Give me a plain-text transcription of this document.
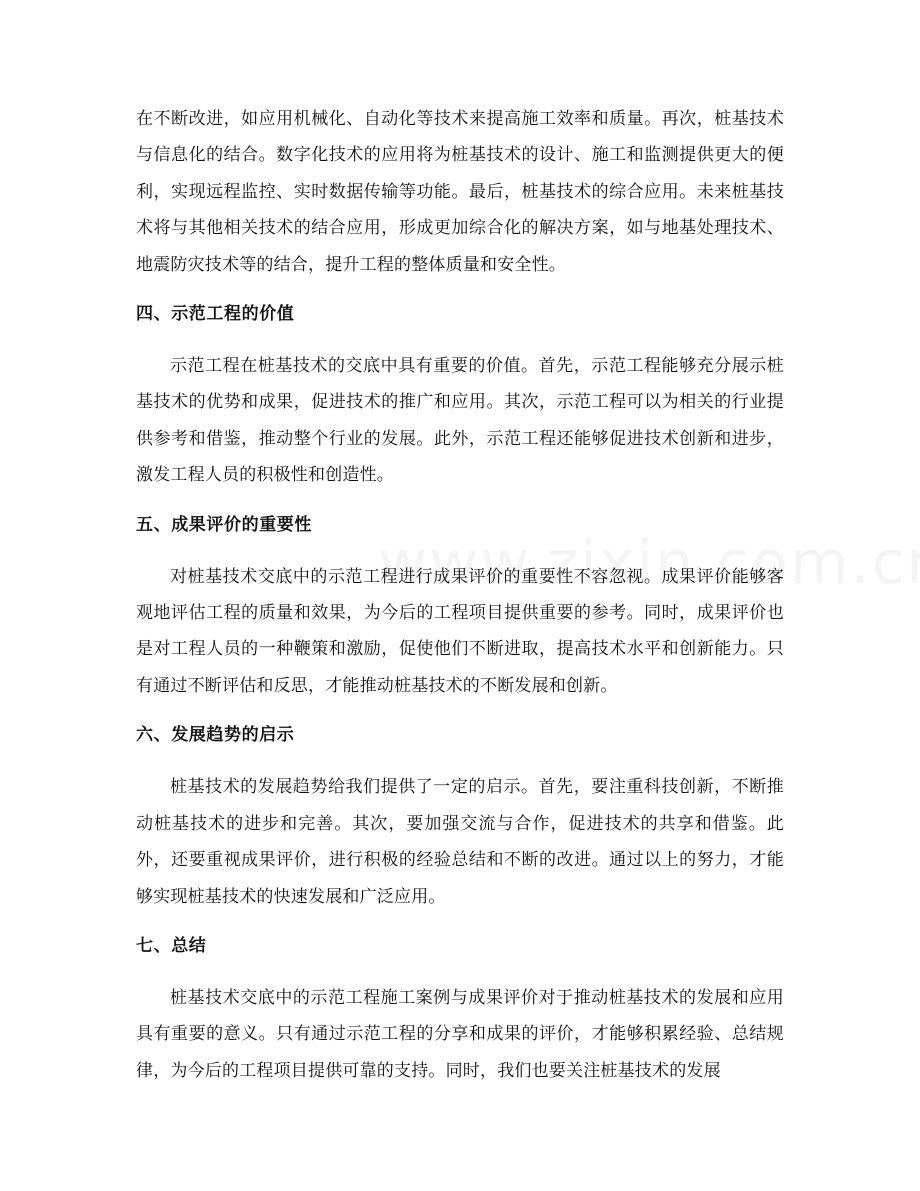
在不断改进，如应用机械化、自动化等技术来提高施工效率和质量。再次，桩基技术与信息化的结合。数字化技术的应用将为桩基技术的设计、施工和监测提供更大的便利，实现远程监控、实时数据传输等功能。最后，桩基技术的综合应用。未来桩基技术将与其他相关技术的结合应用，形成更加综合化的解决方案，如与地基处理技术、地震防灾技术等的结合，提升工程的整体质量和安全性。

四、示范工程的价值

示范工程在桩基技术的交底中具有重要的价值。首先，示范工程能够充分展示桩基技术的优势和成果，促进技术的推广和应用。其次，示范工程可以为相关的行业提供参考和借鉴，推动整个行业的发展。此外，示范工程还能够促进技术创新和进步，激发工程人员的积极性和创造性。

五、成果评价的重要性

对桩基技术交底中的示范工程进行成果评价的重要性不容忽视。成果评价能够客观地评估工程的质量和效果，为今后的工程项目提供重要的参考。同时，成果评价也是对工程人员的一种鞭策和激励，促使他们不断进取，提高技术水平和创新能力。只有通过不断评估和反思，才能推动桩基技术的不断发展和创新。

六、发展趋势的启示

桩基技术的发展趋势给我们提供了一定的启示。首先，要注重科技创新，不断推动桩基技术的进步和完善。其次，要加强交流与合作，促进技术的共享和借鉴。此外，还要重视成果评价，进行积极的经验总结和不断的改进。通过以上的努力，才能够实现桩基技术的快速发展和广泛应用。

七、总结

桩基技术交底中的示范工程施工案例与成果评价对于推动桩基技术的发展和应用具有重要的意义。只有通过示范工程的分享和成果的评价，才能够积累经验、总结规律，为今后的工程项目提供可靠的支持。同时，我们也要关注桩基技术的发展
